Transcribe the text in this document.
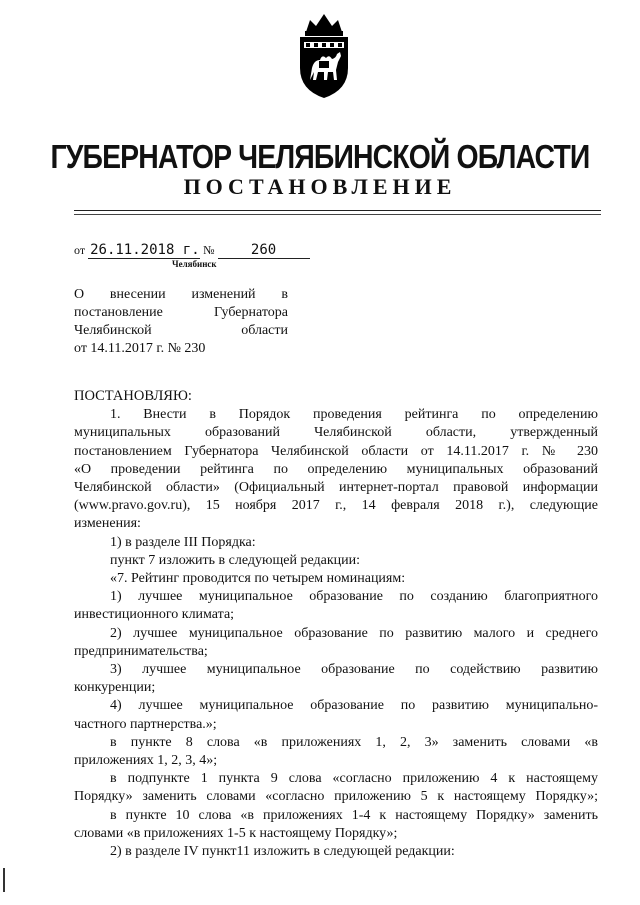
ГУБЕРНАТОР ЧЕЛЯБИНСКОЙ ОБЛАСТИ
ПОСТАНОВЛЕНИЕ
от 26.11.2018 г. №	260
Челябинск
О внесении изменений в
постановление	Губернатора
Челябинской	области
от 14.11.2017 г. № 230

ПОСТАНОВЛЯЮ:

1. Внести в Порядок проведения рейтинга по определению

муниципальных образований Челябинской области, утвержденный

постановлением Губернатора Челябинской области от 14.11.2017 г. № 230

«О проведении рейтинга по определению муниципальных образований

Челябинской области» (Официальный интернет-портал правовой информации

(www.pravo.gov.ru), 15 ноября 2017 г., 14 февраля 2018 г.), следующие

изменения:

1) в разделе III Порядка:

пункт 7 изложить в следующей редакции:

«7. Рейтинг проводится по четырем номинациям:

1) лучшее муниципальное образование по созданию благоприятного

инвестиционного климата;

2) лучшее муниципальное образование по развитию малого и среднего

предпринимательства;

3) лучшее муниципальное образование по содействию развитию

конкуренции;

4) лучшее муниципальное образование по развитию муниципально-

частного партнерства.»;

в пункте 8 слова «в приложениях 1, 2, 3» заменить словами «в

приложениях 1, 2, 3, 4»;

в подпункте 1 пункта 9 слова «согласно приложению 4 к настоящему

Порядку» заменить словами «согласно приложению 5 к настоящему Порядку»;

в пункте 10 слова «в приложениях 1-4 к настоящему Порядку» заменить

словами «в приложениях 1-5 к настоящему Порядку»;

2) в разделе IV пункт11 изложить в следующей редакции:
